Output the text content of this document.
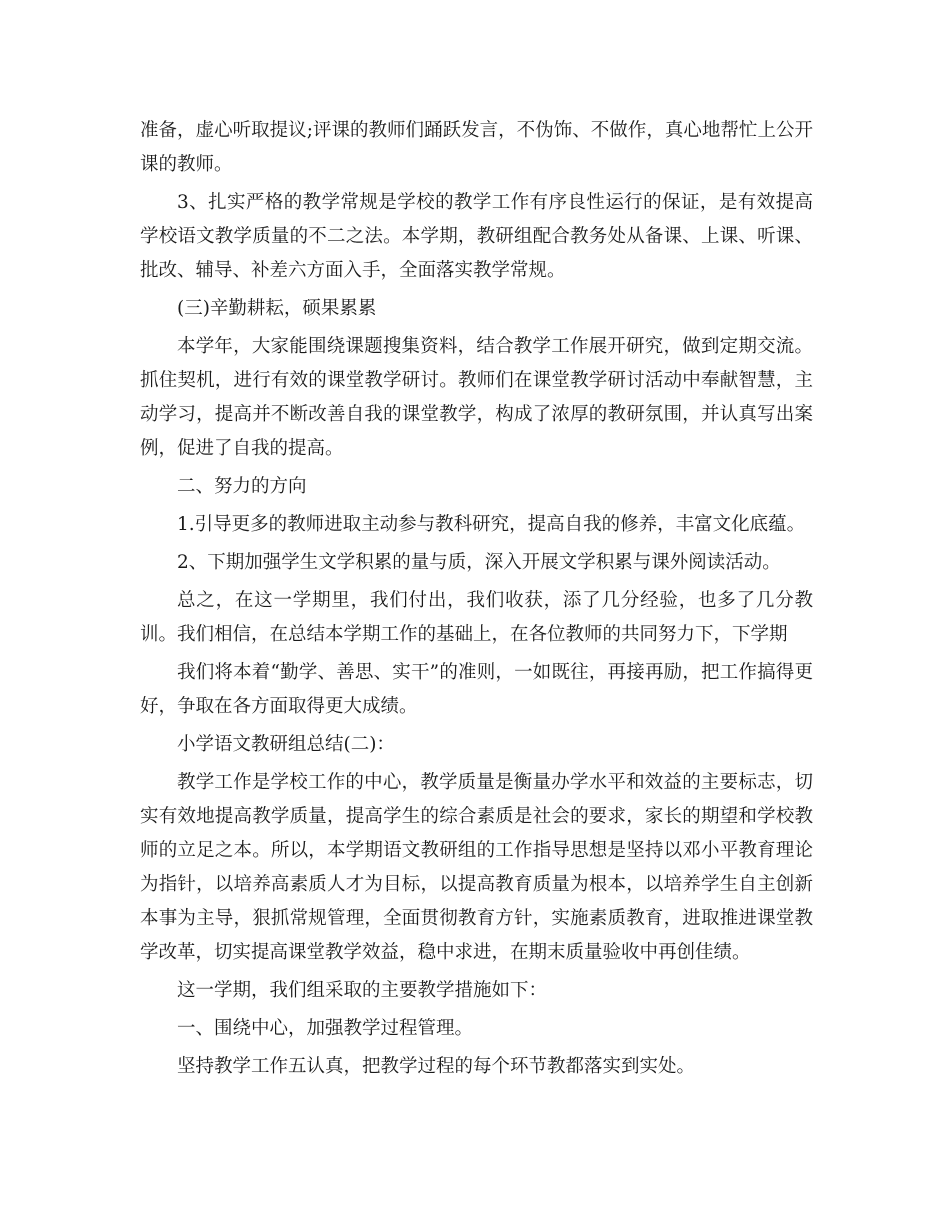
准备，虚心听取提议;评课的教师们踊跃发言，不伪饰、不做作，真心地帮忙上公开课的教师。

3、扎实严格的教学常规是学校的教学工作有序良性运行的保证，是有效提高学校语文教学质量的不二之法。本学期，教研组配合教务处从备课、上课、听课、批改、辅导、补差六方面入手，全面落实教学常规。

(三)辛勤耕耘，硕果累累

本学年，大家能围绕课题搜集资料，结合教学工作展开研究，做到定期交流。抓住契机，进行有效的课堂教学研讨。教师们在课堂教学研讨活动中奉献智慧，主动学习，提高并不断改善自我的课堂教学，构成了浓厚的教研氛围，并认真写出案例，促进了自我的提高。

二、努力的方向

1.引导更多的教师进取主动参与教科研究，提高自我的修养，丰富文化底蕴。

2、下期加强学生文学积累的量与质，深入开展文学积累与课外阅读活动。

总之，在这一学期里，我们付出，我们收获，添了几分经验，也多了几分教训。我们相信，在总结本学期工作的基础上，在各位教师的共同努力下，下学期

我们将本着“勤学、善思、实干”的准则，一如既往，再接再励，把工作搞得更好，争取在各方面取得更大成绩。

小学语文教研组总结(二)：

教学工作是学校工作的中心，教学质量是衡量办学水平和效益的主要标志，切实有效地提高教学质量，提高学生的综合素质是社会的要求，家长的期望和学校教师的立足之本。所以，本学期语文教研组的工作指导思想是坚持以邓小平教育理论为指针，以培养高素质人才为目标，以提高教育质量为根本，以培养学生自主创新本事为主导，狠抓常规管理，全面贯彻教育方针，实施素质教育，进取推进课堂教学改革，切实提高课堂教学效益，稳中求进，在期末质量验收中再创佳绩。

这一学期，我们组采取的主要教学措施如下：

一、围绕中心，加强教学过程管理。

坚持教学工作五认真，把教学过程的每个环节教都落实到实处。
